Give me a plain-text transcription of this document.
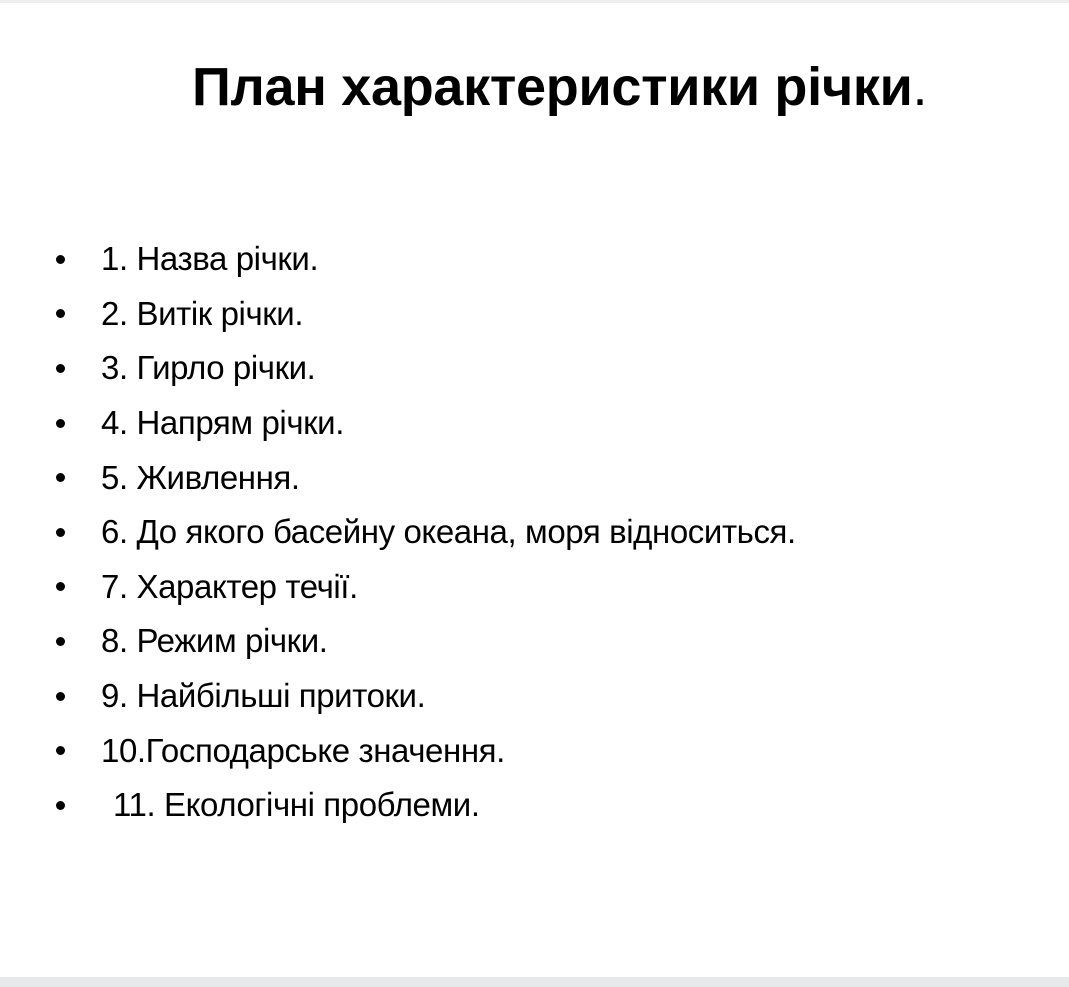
План характеристики річки.
1. Назва річки.
2. Витік річки.
3. Гирло річки.
4. Напрям річки.
5. Живлення.
6. До якого басейну океана, моря відноситься.
7. Характер течії.
8. Режим річки.
9. Найбільші притоки.
10.Господарське значення.
11. Екологічні проблеми.
